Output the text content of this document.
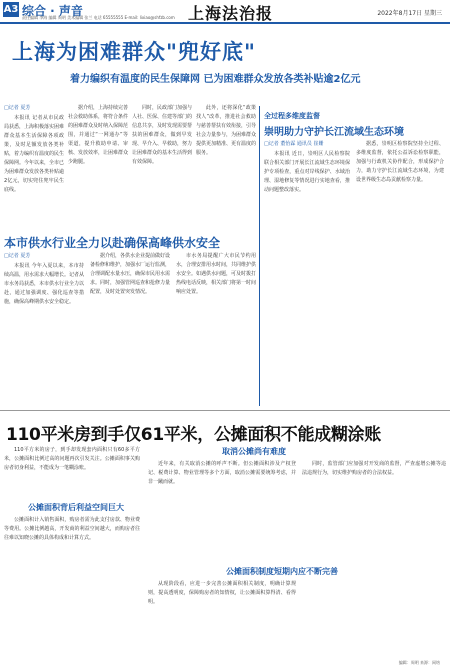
A3 综合 · 声音
责任编辑 李海 编辑 周明 美术编辑 张兰 电话 65555555 E-mail: lixiao@shfzb.com 上海法治报	2022年8月17日 星期三
上海为困难群众"兜好底"
着力编织有温度的民生保障网 已为困难群众发放各类补贴逾2亿元
□记者 夏芳

本报讯 记者从市民政局获悉，上海积极落实困难群众基本生活保障各项政策，及时足额发放各类补贴，着力编织有温度的民生保障网。今年以来，全市已为困难群众发放各类补贴逾2亿元，切实兜住兜牢民生底线。

据介绍，上海持续完善社会救助体系，将符合条件的困难群众及时纳入保障范围，并通过“一网通办”等渠道，提升救助申请、审核、发放效率，让困难群众少跑腿。

同时，民政部门加强与人社、医保、住建等部门的信息共享，及时发现需要帮扶的困难群众，做到早发现、早介入、早救助，努力让困难群众的基本生活得到有效保障。

此外，还将深化“政策找人”改革，推进社会救助与慈善帮扶有效衔接，引导社会力量参与，为困难群众提供更加精准、更有温度的服务。

全过程多维度监督
崇明助力守护长江流域生态环境
□记者 董怡霖 通讯员 崔姗

本报讯 近日，崇明区人民检察院联合相关部门开展长江流域生态环境保护专项检查，重点对岸线保护、水域治理、湿地修复等情况进行实地查看，推动问题整改落实。

据悉，崇明区检察院坚持全过程、多维度监督，依托公益诉讼检察职能，加强与行政机关协作配合，形成保护合力，助力守护长江流域生态环境，为建设世界级生态岛贡献检察力量。

本市供水行业全力以赴确保高峰供水安全
□记者 夏芳

本报讯 今年入夏以来，本市持续高温，用水需求大幅增长。记者从市水务局获悉，本市供水行业全力以赴，通过加强调度、强化巡查等措施，确保高峰期供水安全稳定。

据介绍，各供水企业提前做好设备检修和维护，加强水厂运行监测，合理调配水量水压，确保市民用水需求。同时，加强管网巡查和抢修力量配置，及时处置突发情况。

市水务局提醒广大市民节约用水，合理安排用水时间，共同维护供水安全。如遇供水问题，可及时拨打热线电话反映，相关部门将第一时间响应处置。

110平米房到手仅61平米，公摊面积不能成糊涂账

110平方米的房子，到手却发现套内面积只有60多平方米，公摊面积比例过高的问题再次引发关注。公摊面积事关购房者切身利益，不能成为一笔糊涂账。

公摊面积背后利益空间巨大

公摊面积计入销售面积，购房者需为此支付房款、物业费等费用。公摊比例越高，开发商的利益空间越大，而购房者往往难以知晓公摊的具体构成和计算方式。

取消公摊尚有难度

近年来，有关取消公摊的呼声不断。但公摊面积涉及产权登记、税费计算、物业管理等多个方面，取消公摊需要统筹考虑，并非一蹴而就。

公摊面积制度短期内应不断完善

从现阶段看，应进一步完善公摊面积相关制度，明确计算规则，提高透明度，保障购房者的知情权，让公摊面积算得清、看得明。

同时，监管部门应加强对开发商的监督，严查虚增公摊等违法违规行为，切实维护购房者的合法权益。

编辑：周明 来源：网络
